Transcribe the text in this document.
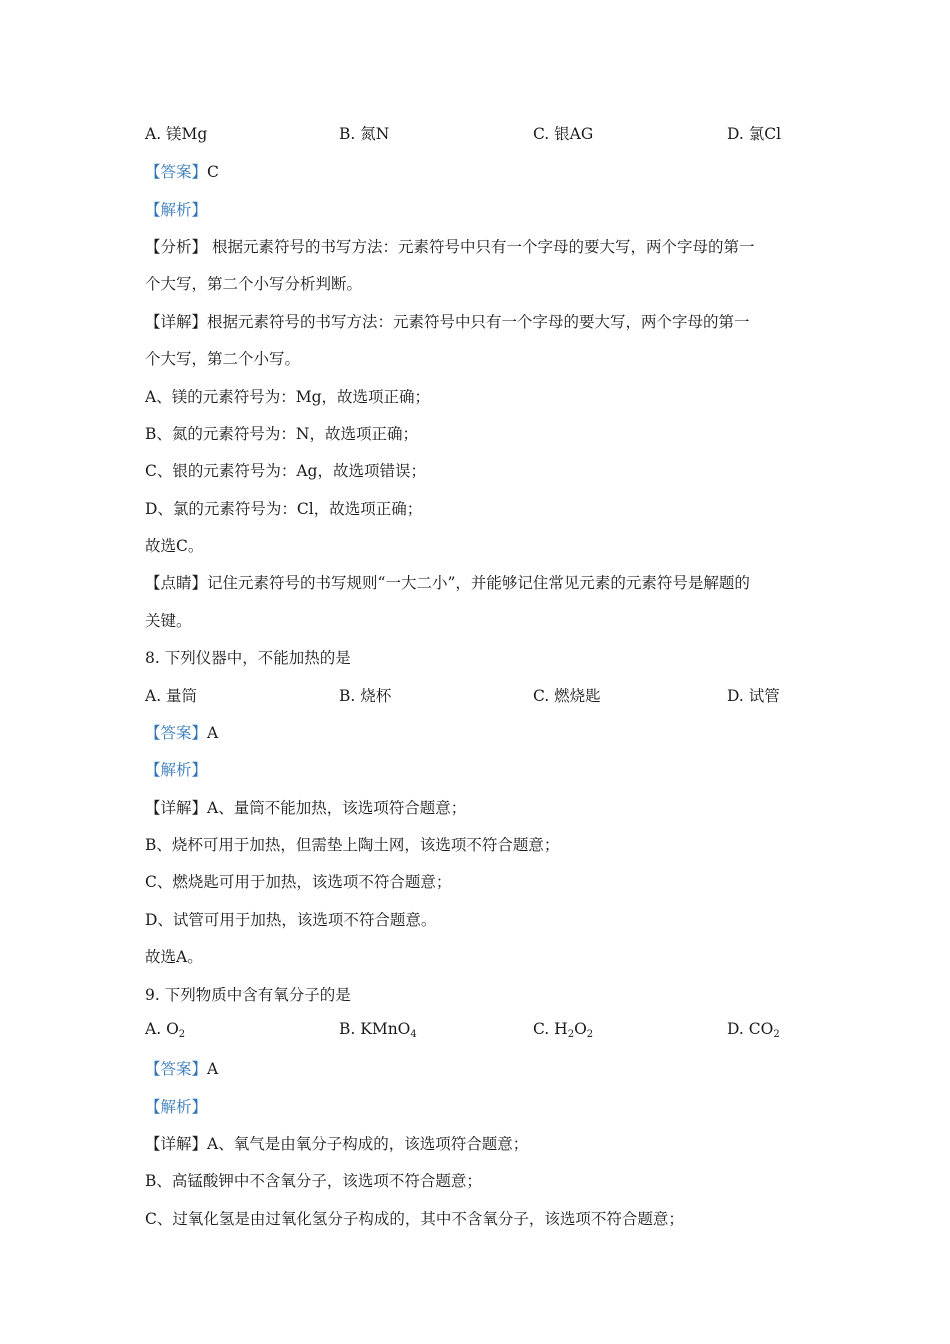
A. 镁Mg	B. 氮N	C. 银AG	D. 氯Cl
【答案】C
【解析】
【分析】 根据元素符号的书写方法：元素符号中只有一个字母的要大写，两个字母的第一
个大写，第二个小写分析判断。
【详解】根据元素符号的书写方法：元素符号中只有一个字母的要大写，两个字母的第一
个大写，第二个小写。
A、镁的元素符号为：Mg，故选项正确；
B、氮的元素符号为：N，故选项正确；
C、银的元素符号为：Ag，故选项错误；
D、氯的元素符号为：Cl，故选项正确；
故选C。
【点睛】记住元素符号的书写规则“一大二小”，并能够记住常见元素的元素符号是解题的
关键。
8. 下列仪器中，不能加热的是
A. 量筒	B. 烧杯	C. 燃烧匙	D. 试管
【答案】A
【解析】
【详解】A、量筒不能加热，该选项符合题意；
B、烧杯可用于加热，但需垫上陶土网，该选项不符合题意；
C、燃烧匙可用于加热，该选项不符合题意；
D、试管可用于加热，该选项不符合题意。
故选A。
9. 下列物质中含有氧分子的是
A. $O_2$	B. KMnO$_4$	C. $H_2O_2$	D. $CO_2$
【答案】A
【解析】
【详解】A、氧气是由氧分子构成的，该选项符合题意；
B、高锰酸钾中不含氧分子，该选项不符合题意；
C、过氧化氢是由过氧化氢分子构成的，其中不含氧分子，该选项不符合题意；
